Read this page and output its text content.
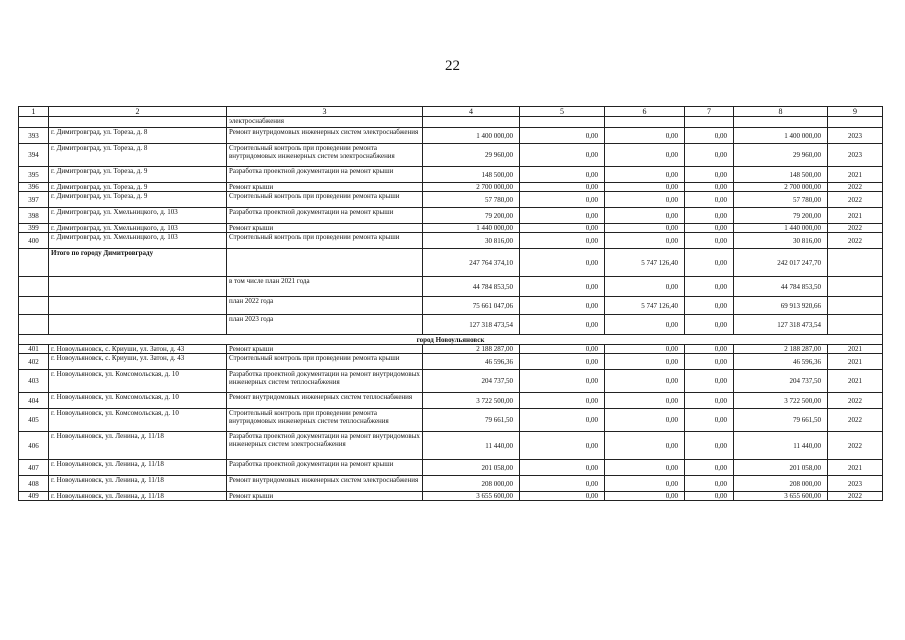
22
1	2	3	4	5	6	7	8	9
		электроснабжения						
393	г. Димитровград, ул. Тореза, д. 8	Ремонт внутридомовых инженерных систем электроснабжения	1 400 000,00	0,00	0,00	0,00	1 400 000,00	2023
394	г. Димитровград, ул. Тореза, д. 8	Строительный контроль при проведении ремонта внутридомовых инженерных систем электроснабжения	29 960,00	0,00	0,00	0,00	29 960,00	2023
395	г. Димитровград, ул. Тореза, д. 9	Разработка проектной документации на ремонт крыши	148 500,00	0,00	0,00	0,00	148 500,00	2021
396	г. Димитровград, ул. Тореза, д. 9	Ремонт крыши	2 700 000,00	0,00	0,00	0,00	2 700 000,00	2022
397	г. Димитровград, ул. Тореза, д. 9	Строительный контроль при проведении ремонта крыши	57 780,00	0,00	0,00	0,00	57 780,00	2022
398	г. Димитровград, ул. Хмельницкого, д. 103	Разработка проектной документации на ремонт крыши	79 200,00	0,00	0,00	0,00	79 200,00	2021
399	г. Димитровград, ул. Хмельницкого, д. 103	Ремонт крыши	1 440 000,00	0,00	0,00	0,00	1 440 000,00	2022
400	г. Димитровград, ул. Хмельницкого, д. 103	Строительный контроль при проведении ремонта крыши	30 816,00	0,00	0,00	0,00	30 816,00	2022
	Итого по городу Димитровграду		247 764 374,10	0,00	5 747 126,40	0,00	242 017 247,70	
		в том числе план 2021 года	44 784 853,50	0,00	0,00	0,00	44 784 853,50	
		план 2022 года	75 661 047,06	0,00	5 747 126,40	0,00	69 913 920,66	
		план 2023 года	127 318 473,54	0,00	0,00	0,00	127 318 473,54	
город Новоульяновск								
401	г. Новоульяновск, с. Криуши, ул. Затон, д. 43	Ремонт крыши	2 188 287,00	0,00	0,00	0,00	2 188 287,00	2021
402	г. Новоульяновск, с. Криуши, ул. Затон, д. 43	Строительный контроль при проведении ремонта крыши	46 596,36	0,00	0,00	0,00	46 596,36	2021
403	г. Новоульяновск, ул. Комсомольская, д. 10	Разработка проектной документации на ремонт внутридомовых инженерных систем теплоснабжения	204 737,50	0,00	0,00	0,00	204 737,50	2021
404	г. Новоульяновск, ул. Комсомольская, д. 10	Ремонт внутридомовых инженерных систем теплоснабжения	3 722 500,00	0,00	0,00	0,00	3 722 500,00	2022
405	г. Новоульяновск, ул. Комсомольская, д. 10	Строительный контроль при проведении ремонта внутридомовых инженерных систем теплоснабжения	79 661,50	0,00	0,00	0,00	79 661,50	2022
406	г. Новоульяновск, ул. Ленина, д. 11/18	Разработка проектной документации на ремонт внутридомовых инженерных систем электроснабжения	11 440,00	0,00	0,00	0,00	11 440,00	2022
407	г. Новоульяновск, ул. Ленина, д. 11/18	Разработка проектной документации на ремонт крыши	201 058,00	0,00	0,00	0,00	201 058,00	2021
408	г. Новоульяновск, ул. Ленина, д. 11/18	Ремонт внутридомовых инженерных систем электроснабжения	208 000,00	0,00	0,00	0,00	208 000,00	2023
409	г. Новоульяновск, ул. Ленина, д. 11/18	Ремонт крыши	3 655 600,00	0,00	0,00	0,00	3 655 600,00	2022
